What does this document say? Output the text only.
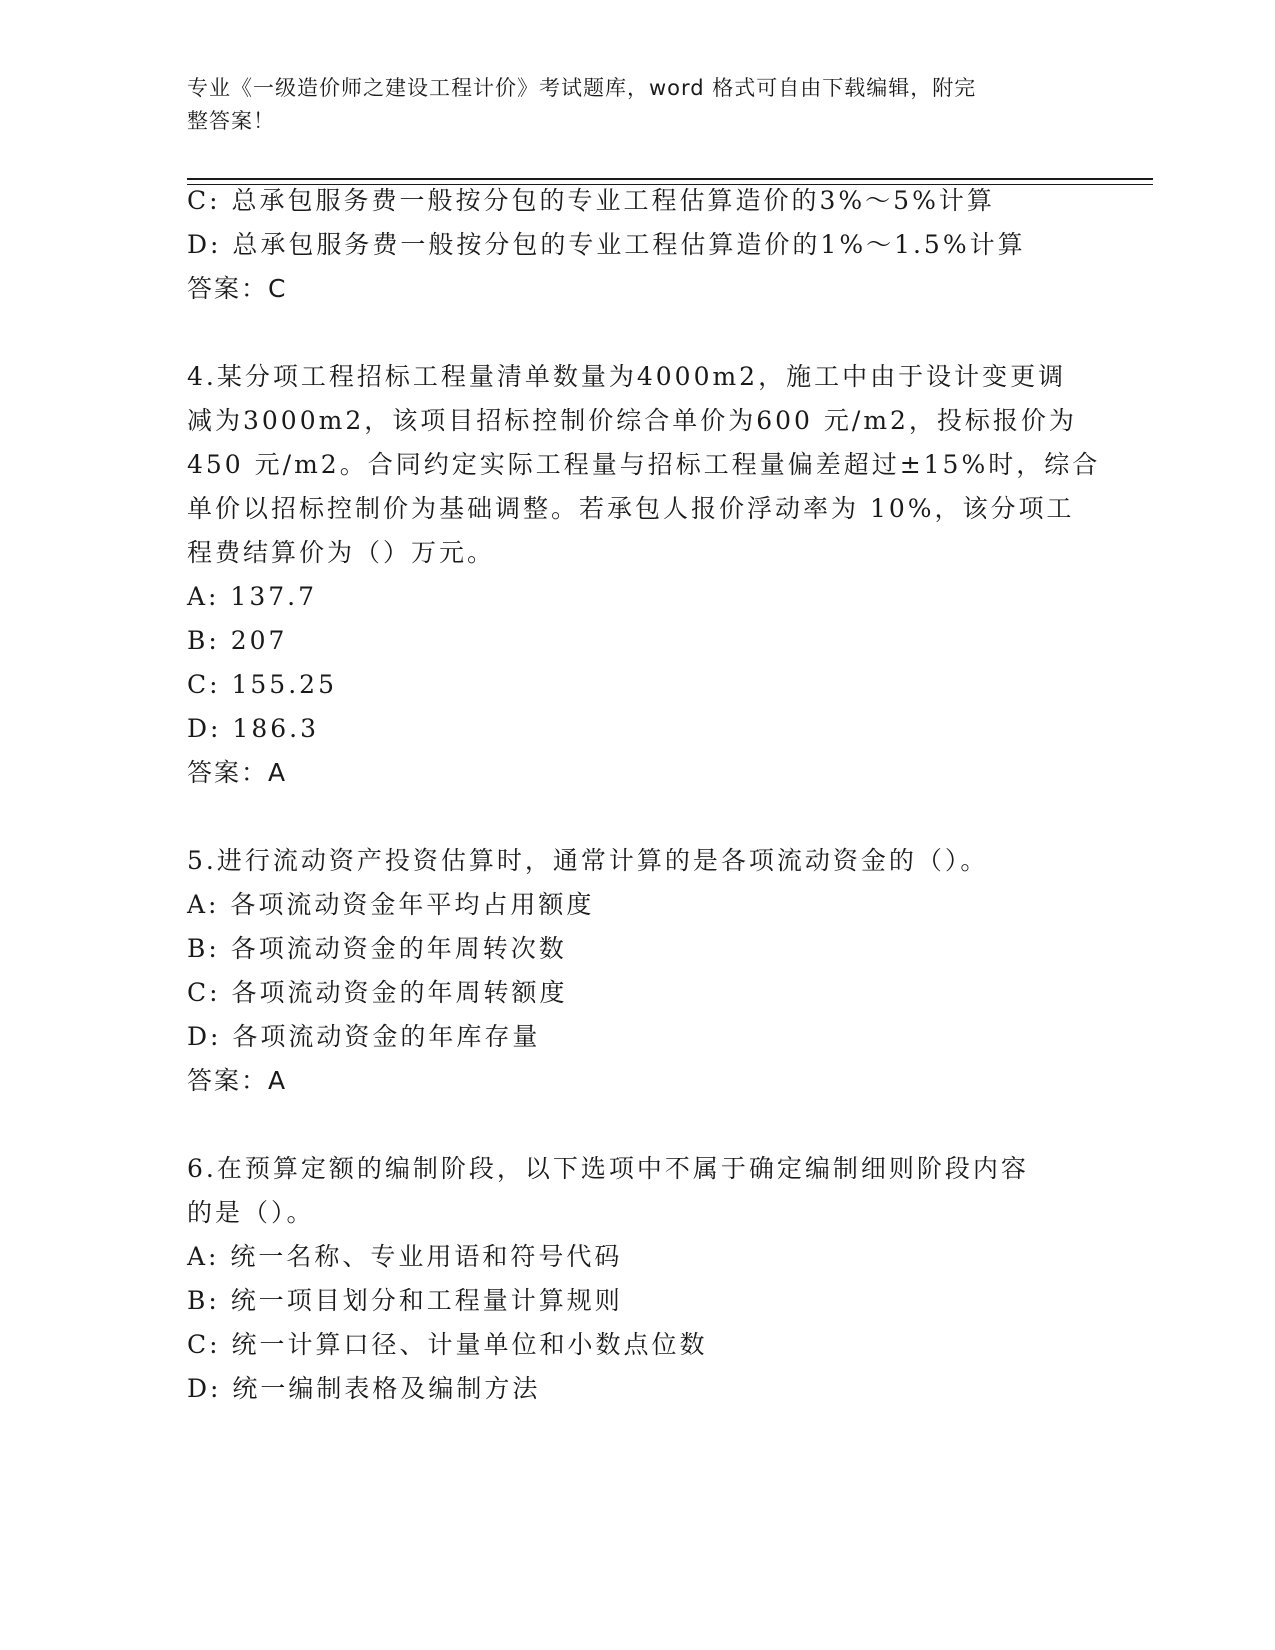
专业《一级造价师之建设工程计价》考试题库，word 格式可自由下载编辑，附完
整答案！
C: 总承包服务费一般按分包的专业工程估算造价的3%～5%计算
D: 总承包服务费一般按分包的专业工程估算造价的1%～1.5%计算
答案：C
4.某分项工程招标工程量清单数量为4000m2，施工中由于设计变更调
减为3000m2，该项目招标控制价综合单价为600 元/m2，投标报价为
450 元/m2。合同约定实际工程量与招标工程量偏差超过±15%时，综合
单价以招标控制价为基础调整。若承包人报价浮动率为 10%，该分项工
程费结算价为（）万元。
A: 137.7
B: 207
C: 155.25
D: 186.3
答案：A
5.进行流动资产投资估算时，通常计算的是各项流动资金的（）。
A: 各项流动资金年平均占用额度
B: 各项流动资金的年周转次数
C: 各项流动资金的年周转额度
D: 各项流动资金的年库存量
答案：A
6.在预算定额的编制阶段，以下选项中不属于确定编制细则阶段内容
的是（）。
A: 统一名称、专业用语和符号代码
B: 统一项目划分和工程量计算规则
C: 统一计算口径、计量单位和小数点位数
D: 统一编制表格及编制方法
